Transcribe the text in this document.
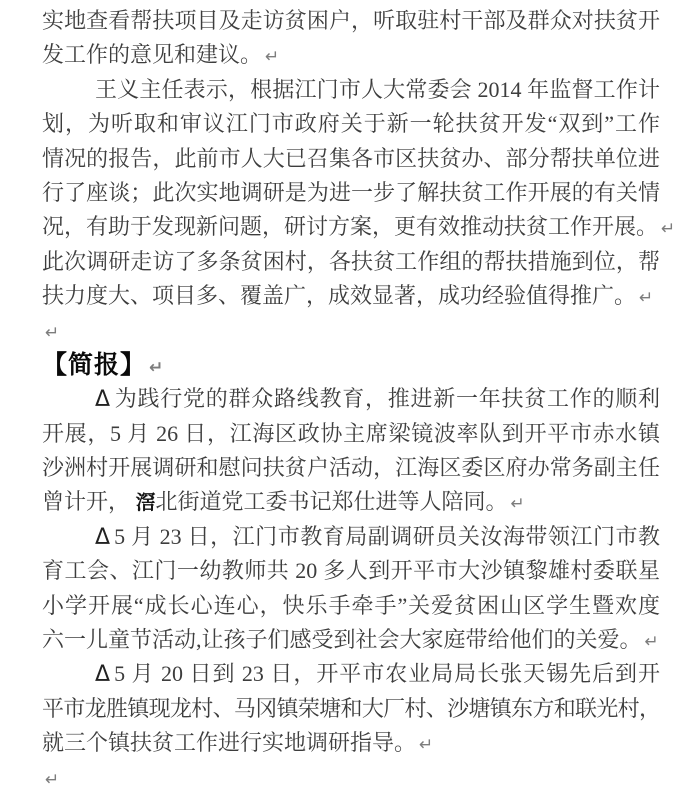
实地查看帮扶项目及走访贫困户，听取驻村干部及群众对扶贫开
发工作的意见和建议。 ↵
王义主任表示，根据江门市人大常委会 2014 年监督工作计
划，为听取和审议江门市政府关于新一轮扶贫开发“双到”工作
情况的报告，此前市人大已召集各市区扶贫办、部分帮扶单位进
行了座谈；此次实地调研是为进一步了解扶贫工作开展的有关情
况，有助于发现新问题，研讨方案，更有效推动扶贫工作开展。 ↵
此次调研走访了多条贫困村，各扶贫工作组的帮扶措施到位，帮
扶力度大、项目多、覆盖广，成效显著，成功经验值得推广。 ↵
↵
【简报】 ↵
Δ 为践行党的群众路线教育，推进新一年扶贫工作的顺利
开展，5 月 26 日，江海区政协主席梁镜波率队到开平市赤水镇
沙洲村开展调研和慰问扶贫户活动，江海区委区府办常务副主任
曾计开， 滘北街道党工委书记郑仕进等人陪同。 ↵
Δ 5 月 23 日，江门市教育局副调研员关汝海带领江门市教
育工会、江门一幼教师共 20 多人到开平市大沙镇黎雄村委联星
小学开展“成长心连心，快乐手牵手”关爱贫困山区学生暨欢度
六一儿童节活动,让孩子们感受到社会大家庭带给他们的关爱。 ↵
Δ 5 月 20 日到 23 日，开平市农业局局长张天锡先后到开
平市龙胜镇现龙村、马冈镇荣塘和大厂村、沙塘镇东方和联光村，
就三个镇扶贫工作进行实地调研指导。 ↵
↵
